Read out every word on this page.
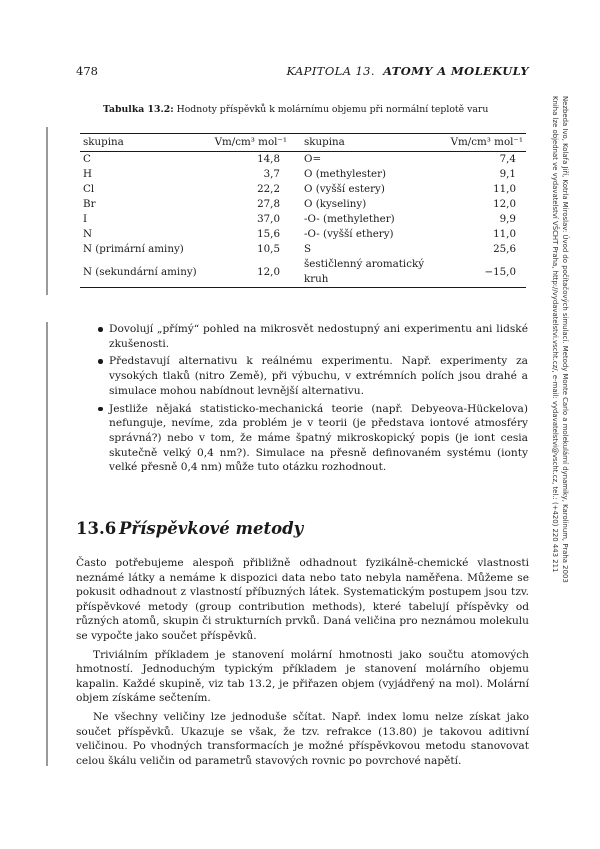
478	KAPITOLA 13. ATOMY A MOLEKULY
Nezbeda Ivo, Kolafa Jiří, Kotrla Miroslav: Úvod do počítačových simulací. Metody Monte Carlo a molekulární dynamiky, Karolinum, Praha 2003
Kniha lze objednat ve vydavatelství VŠCHT Praha, http://vydavatelstvi.vscht.cz/, e-mail: vydavatelstvi@vscht.cz, tel.: (+420) 220 443 211
Tabulka 13.2: Hodnoty příspěvků k molárnímu objemu při normální teplotě varu
skupina	Vm/cm³ mol⁻¹	skupina	Vm/cm³ mol⁻¹
C	14,8	O=	7,4
H	3,7	O (methylester)	9,1
Cl	22,2	O (vyšší estery)	11,0
Br	27,8	O (kyseliny)	12,0
I	37,0	-O- (methylether)	9,9
N	15,6	-O- (vyšší ethery)	11,0
N (primární aminy)	10,5	S	25,6
N (sekundární aminy)	12,0	šestičlenný aromatický kruh	−15,0
Dovolují „přímý“ pohled na mikrosvět nedostupný ani experimentu ani lidské zkušenosti.
Představují alternativu k reálnému experimentu. Např. experimenty za vysokých tlaků (nitro Země), při výbuchu, v extrémních polích jsou drahé a simulace mohou nabídnout levnější alternativu.
Jestliže nějaká statisticko-mechanická teorie (např. Debyeova-Hückelova) nefunguje, nevíme, zda problém je v teorii (je představa iontové atmosféry správná?) nebo v tom, že máme špatný mikroskopický popis (je iont cesia skutečně velký 0,4 nm?). Simulace na přesně definovaném systému (ionty velké přesně 0,4 nm) může tuto otázku rozhodnout.
13.6 Příspěvkové metody

Často potřebujeme alespoň přibližně odhadnout fyzikálně-chemické vlastnosti neznámé látky a nemáme k dispozici data nebo tato nebyla naměřena. Můžeme se pokusit odhadnout z vlastností příbuzných látek. Systematickým postupem jsou tzv. příspěvkové metody (group contribution methods), které tabelují příspěvky od různých atomů, skupin či strukturních prvků. Daná veličina pro neznámou molekulu se vypočte jako součet příspěvků.

Triviálním příkladem je stanovení molární hmotnosti jako součtu atomových hmotností. Jednoduchým typickým příkladem je stanovení molárního objemu kapalin. Každé skupině, viz tab 13.2, je přiřazen objem (vyjádřený na mol). Molární objem získáme sečtením.

Ne všechny veličiny lze jednoduše sčítat. Např. index lomu nelze získat jako součet příspěvků. Ukazuje se však, že tzv. refrakce (13.80) je takovou aditivní veličinou. Po vhodných transformacích je možné příspěvkovou metodu stanovovat celou škálu veličin od parametrů stavových rovnic po povrchové napětí.
